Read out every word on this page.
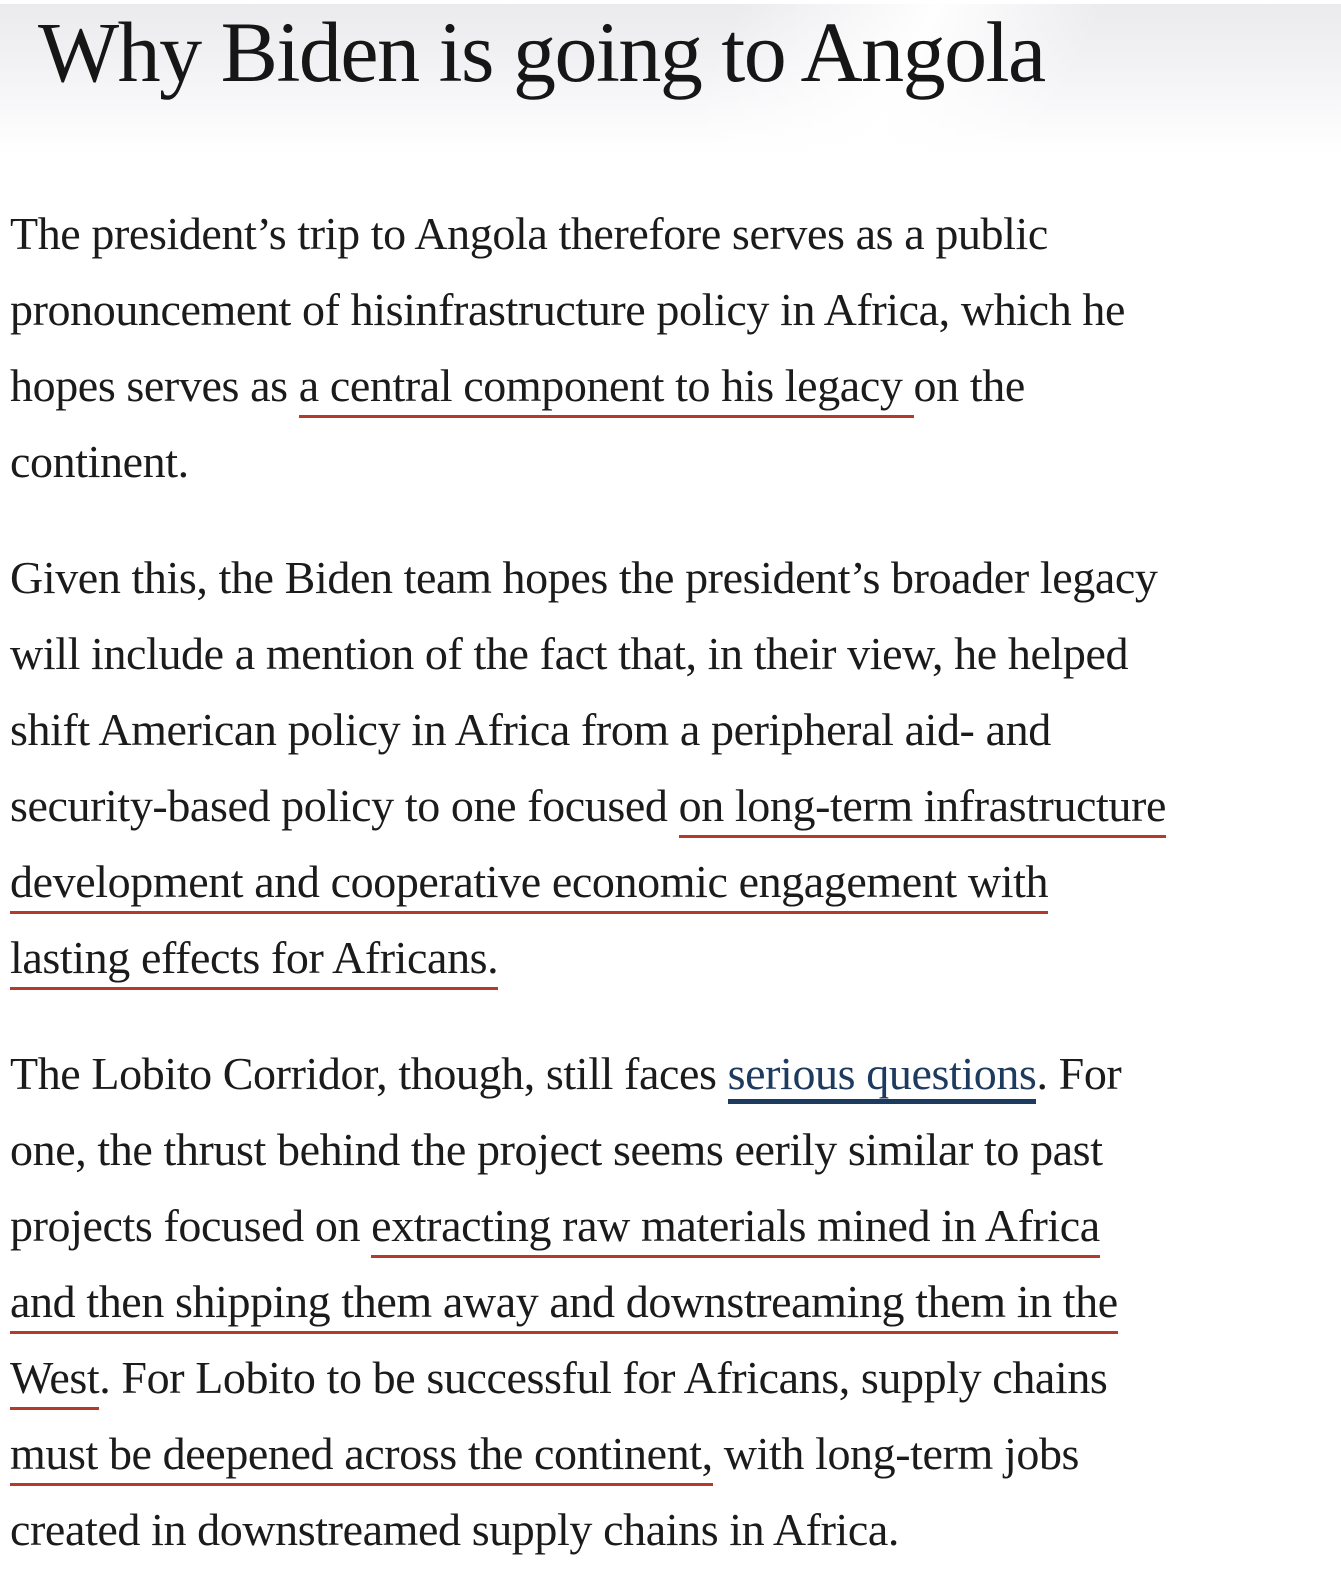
Why Biden is going to Angola
The president’s trip to Angola therefore serves as a public
pronouncement of hisinfrastructure policy in Africa, which he
hopes serves as a central component to his legacy on the
continent.
Given this, the Biden team hopes the president’s broader legacy
will include a mention of the fact that, in their view, he helped
shift American policy in Africa from a peripheral aid- and
security-based policy to one focused on long-term infrastructure
development and cooperative economic engagement with
lasting effects for Africans.
The Lobito Corridor, though, still faces serious questions. For
one, the thrust behind the project seems eerily similar to past
projects focused on extracting raw materials mined in Africa
and then shipping them away and downstreaming them in the
West. For Lobito to be successful for Africans, supply chains
must be deepened across the continent, with long-term jobs
created in downstreamed supply chains in Africa.
